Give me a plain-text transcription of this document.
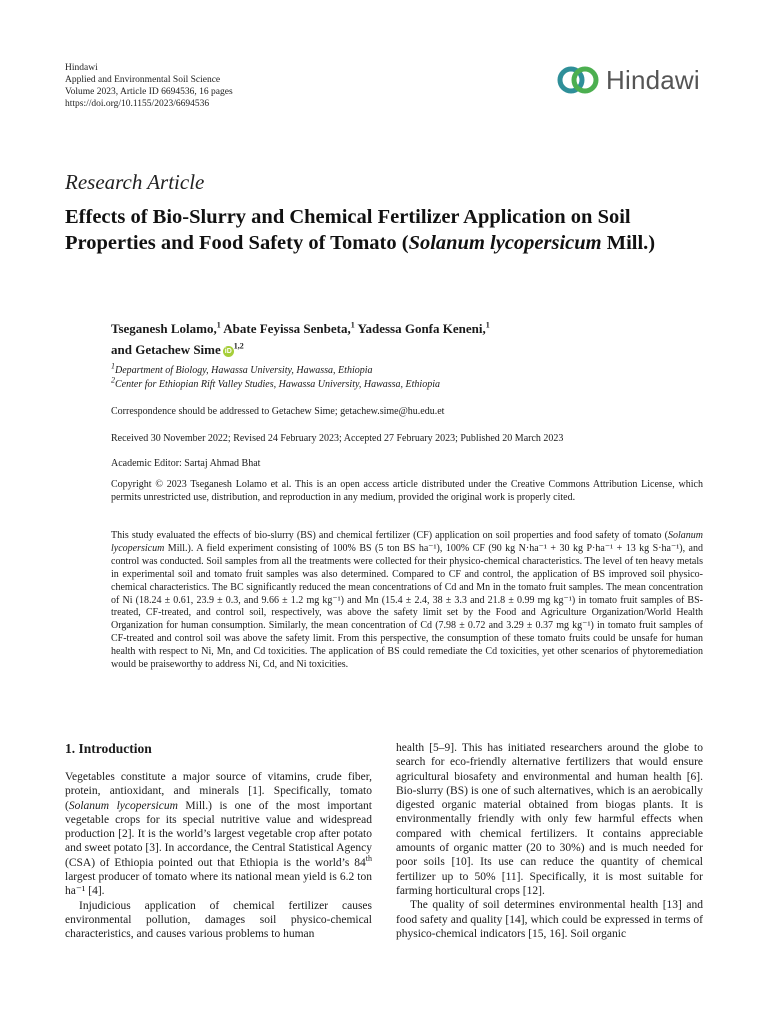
Hindawi
Applied and Environmental Soil Science
Volume 2023, Article ID 6694536, 16 pages
https://doi.org/10.1155/2023/6694536
Hindawi
Research Article
Effects of Bio-Slurry and Chemical Fertilizer Application on Soil Properties and Food Safety of Tomato (Solanum lycopersicum Mill.)
Tseganesh Lolamo,$^1$ Abate Feyissa Senbeta,$^1$ Yadessa Gonfa Keneni,$^1$
and Getachew Sime iD$^{1,2}$
$^1$Department of Biology, Hawassa University, Hawassa, Ethiopia
$^2$Center for Ethiopian Rift Valley Studies, Hawassa University, Hawassa, Ethiopia
Correspondence should be addressed to Getachew Sime; getachew.sime@hu.edu.et
Received 30 November 2022; Revised 24 February 2023; Accepted 27 February 2023; Published 20 March 2023
Academic Editor: Sartaj Ahmad Bhat
Copyright © 2023 Tseganesh Lolamo et al. This is an open access article distributed under the Creative Commons Attribution License, which permits unrestricted use, distribution, and reproduction in any medium, provided the original work is properly cited.
This study evaluated the effects of bio-slurry (BS) and chemical fertilizer (CF) application on soil properties and food safety of tomato (Solanum lycopersicum Mill.). A field experiment consisting of 100% BS (5 ton BS ha⁻¹), 100% CF (90 kg N·ha⁻¹ + 30 kg P·ha⁻¹ + 13 kg S·ha⁻¹), and control was conducted. Soil samples from all the treatments were collected for their physico-chemical characteristics. The level of ten heavy metals in experimental soil and tomato fruit samples was also determined. Compared to CF and control, the application of BS improved soil physico-chemical characteristics. The BC significantly reduced the mean concentrations of Cd and Mn in the tomato fruit samples. The mean concentration of Ni (18.24 ± 0.61, 23.9 ± 0.3, and 9.66 ± 1.2 mg kg⁻¹) and Mn (15.4 ± 2.4, 38 ± 3.3 and 21.8 ± 0.99 mg kg⁻¹) in tomato fruit samples of BS-treated, CF-treated, and control soil, respectively, was above the safety limit set by the Food and Agriculture Organization/World Health Organization for human consumption. Similarly, the mean concentration of Cd (7.98 ± 0.72 and 3.29 ± 0.37 mg kg⁻¹) in tomato fruit samples of CF-treated and control soil was above the safety limit. From this perspective, the consumption of these tomato fruits could be unsafe for human health with respect to Ni, Mn, and Cd toxicities. The application of BS could remediate the Cd toxicities, yet other scenarios of phytoremediation would be praiseworthy to address Ni, Cd, and Ni toxicities.
1. Introduction

Vegetables constitute a major source of vitamins, crude fiber, protein, antioxidant, and minerals [1]. Specifically, tomato (Solanum lycopersicum Mill.) is one of the most important vegetable crops for its special nutritive value and widespread production [2]. It is the world’s largest vegetable crop after potato and sweet potato [3]. In accordance, the Central Statistical Agency (CSA) of Ethiopia pointed out that Ethiopia is the world’s 84th largest producer of tomato where its national mean yield is 6.2 ton ha⁻¹ [4].

Injudicious application of chemical fertilizer causes environmental pollution, damages soil physico-chemical characteristics, and causes various problems to human

health [5–9]. This has initiated researchers around the globe to search for eco-friendly alternative fertilizers that would ensure agricultural biosafety and environmental and human health [6]. Bio-slurry (BS) is one of such alternatives, which is an aerobically digested organic material obtained from biogas plants. It is environmentally friendly with only few harmful effects when compared with chemical fertilizers. It contains appreciable amounts of organic matter (20 to 30%) and is much needed for poor soils [10]. Its use can reduce the quantity of chemical fertilizer up to 50% [11]. Specifically, it is most suitable for farming horticultural crops [12].

The quality of soil determines environmental health [13] and food safety and quality [14], which could be expressed in terms of physico-chemical indicators [15, 16]. Soil organic
